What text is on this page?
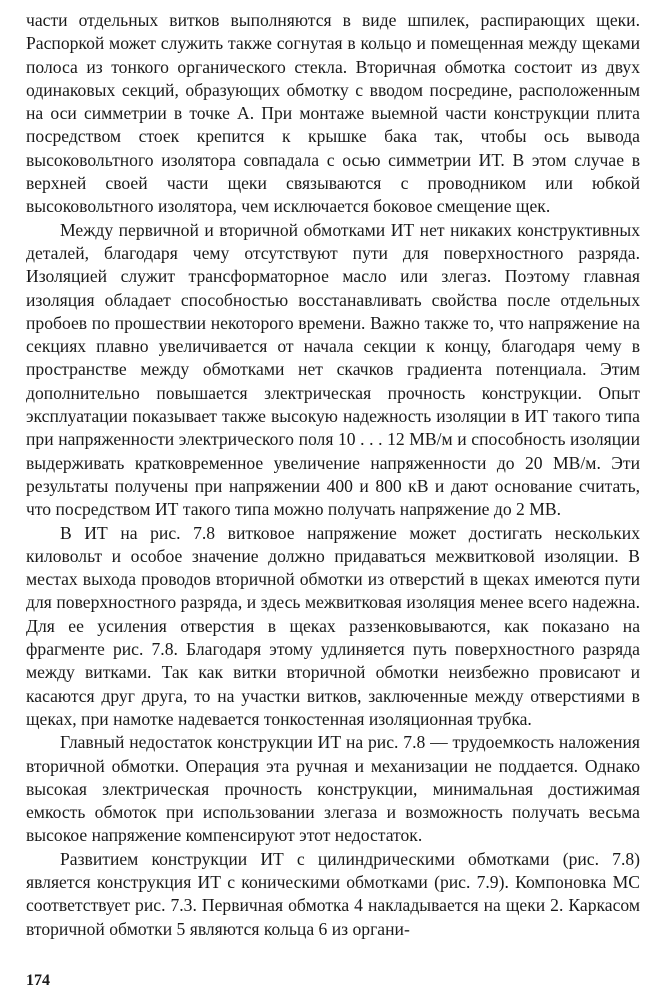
части отдельных витков выполняются в виде шпилек, распирающих щеки. Распоркой может служить также согнутая в кольцо и помещенная между щеками полоса из тонкого органического стекла. Вторичная обмотка состоит из двух одинаковых секций, образующих обмотку с вводом посредине, расположенным на оси симметрии в точке А. При монтаже выемной части конструкции плита посредством стоек крепится к крышке бака так, чтобы ось вывода высоковольтного изолятора совпадала с осью симметрии ИТ. В этом случае в верхней своей части щеки связываются с проводником или юбкой высоковольтного изолятора, чем исключается боковое смещение щек.

Между первичной и вторичной обмотками ИТ нет никаких конструктивных деталей, благодаря чему отсутствуют пути для поверхностного разряда. Изоляцией служит трансформаторное масло или злегаз. Поэтому главная изоляция обладает способностью восстанавливать свойства после отдельных пробоев по прошествии некоторого времени. Важно также то, что напряжение на секциях плавно увеличивается от начала секции к концу, благодаря чему в пространстве между обмотками нет скачков градиента потенциала. Этим дополнительно повышается злектрическая прочность конструкции. Опыт эксплуатации показывает также высокую надежность изоляции в ИТ такого типа при напряженности электрического поля 10 . . . 12 МВ/м и способность изоляции выдерживать кратковременное увеличение напряженности до 20 МВ/м. Эти результаты получены при напряжении 400 и 800 кВ и дают основание считать, что посредством ИТ такого типа можно получать напряжение до 2 МВ.

В ИТ на рис. 7.8 витковое напряжение может достигать нескольких киловольт и особое значение должно придаваться межвитковой изоляции. В местах выхода проводов вторичной обмотки из отверстий в щеках имеются пути для поверхностного разряда, и здесь межвитковая изоляция менее всего надежна. Для ее усиления отверстия в щеках раззенковываются, как показано на фрагменте рис. 7.8. Благодаря этому удлиняется путь поверхностного разряда между витками. Так как витки вторичной обмотки неизбежно провисают и касаются друг друга, то на участки витков, заключенные между отверстиями в щеках, при намотке надевается тонкостенная изоляционная трубка.

Главный недостаток конструкции ИТ на рис. 7.8 — трудоемкость наложения вторичной обмотки. Операция эта ручная и механизации не поддается. Однако высокая злектрическая прочность конструкции, минимальная достижимая емкость обмоток при использовании злегаза и возможность получать весьма высокое напряжение компенсируют этот недостаток.

Развитием конструкции ИТ с цилиндрическими обмотками (рис. 7.8) является конструкция ИТ с коническими обмотками (рис. 7.9). Компоновка МС соответствует рис. 7.3. Первичная обмотка 4 накладывается на щеки 2. Каркасом вторичной обмотки 5 являются кольца 6 из органи-

174
